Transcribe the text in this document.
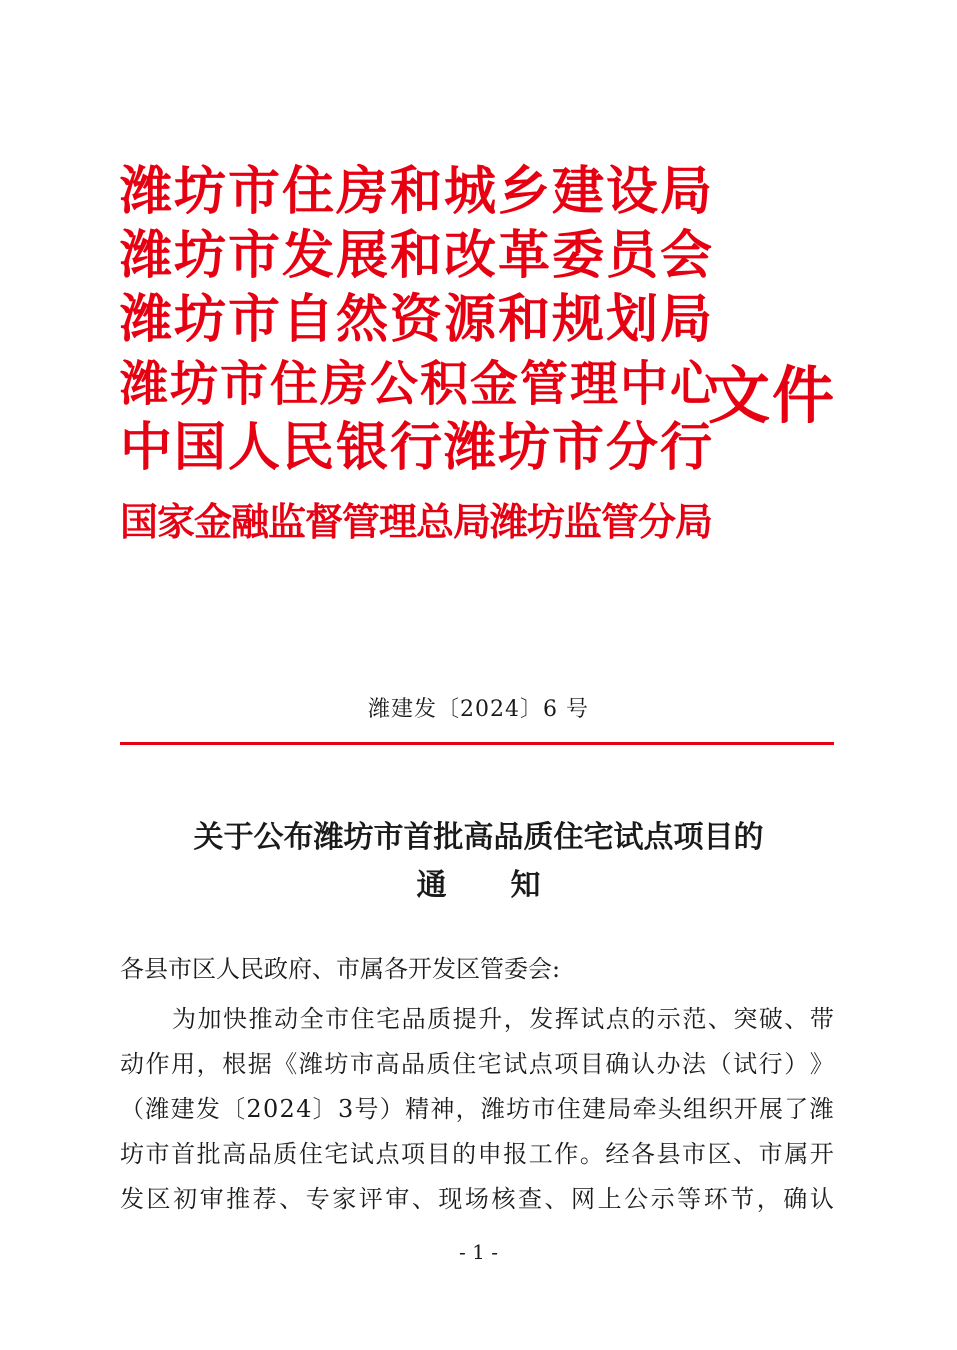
潍坊市住房和城乡建设局
潍坊市发展和改革委员会
潍坊市自然资源和规划局
潍坊市住房公积金管理中心
中国人民银行潍坊市分行
国家金融监督管理总局潍坊监管分局
文件
潍建发〔2024〕6 号
关于公布潍坊市首批高品质住宅试点项目的
通 知
各县市区人民政府、市属各开发区管委会:
为 加 快 推 动 全 市 住 宅 品 质 提 升 ， 发 挥 试 点 的 示 范 、 突 破 、 带
动 作 用 ， 根 据 《 潍 坊 市 高 品 质 住 宅 试 点 项 目 确 认 办 法 （ 试 行 ） 》
（ 潍 建 发 〔 2 0 2 4 〕 3 号 ） 精 神 ， 潍 坊 市 住 建 局 牵 头 组 织 开 展 了 潍
坊 市 首 批 高 品 质 住 宅 试 点 项 目 的 申 报 工 作 。 经 各 县 市 区 、 市 属 开
发 区 初 审 推 荐 、 专 家 评 审 、 现 场 核 查 、 网 上 公 示 等 环 节 ， 确 认
- 1 -
